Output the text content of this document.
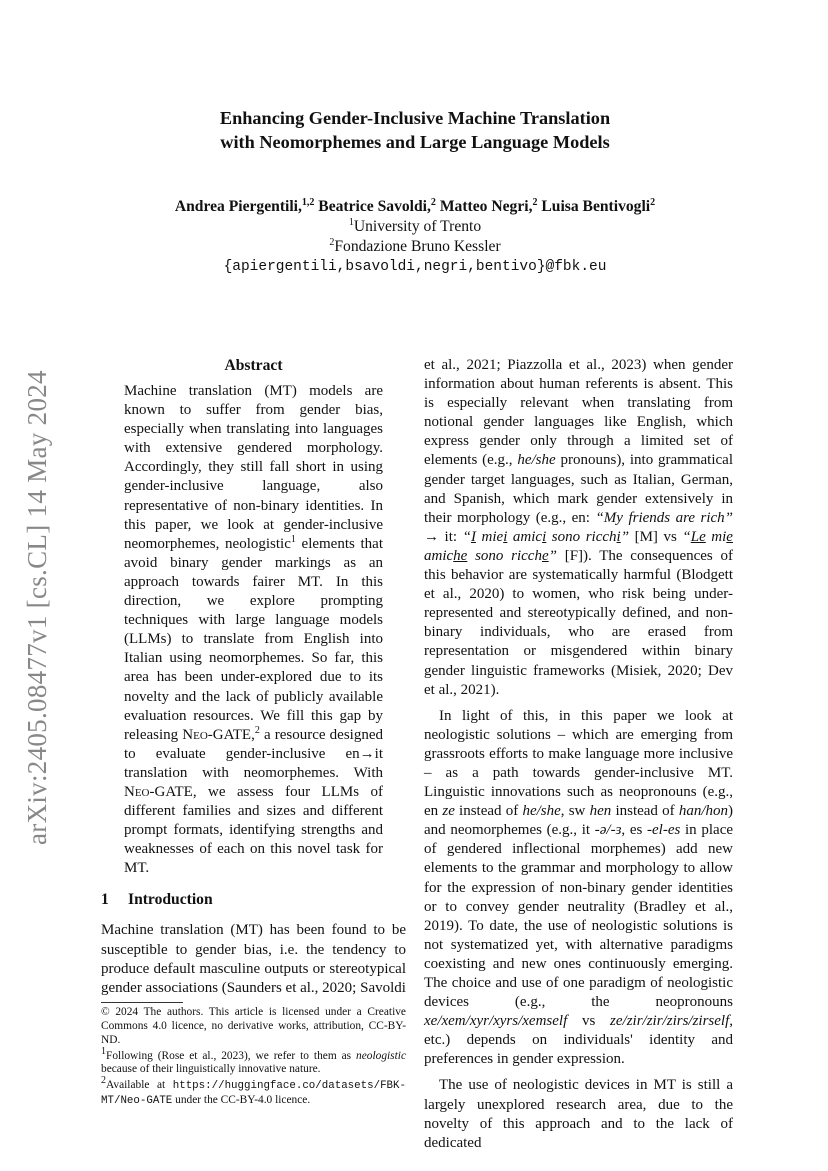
arXiv:2405.08477v1 [cs.CL] 14 May 2024
Enhancing Gender-Inclusive Machine Translation
with Neomorphemes and Large Language Models
Andrea Piergentili,$^{1,2}$ Beatrice Savoldi,$^2$ Matteo Negri,$^2$ Luisa Bentivogli$^2$
$^1$University of Trento
$^2$Fondazione Bruno Kessler
{apiergentili,bsavoldi,negri,bentivo}@fbk.eu
Abstract

Machine translation (MT) models are known to suffer from gender bias, especially when translating into languages with extensive gendered morphology. Accordingly, they still fall short in using gender-inclusive language, also representative of non-binary identities. In this paper, we look at gender-inclusive neomorphemes, neologistic$^1$ elements that avoid binary gender markings as an approach towards fairer MT. In this direction, we explore prompting techniques with large language models (LLMs) to translate from English into Italian using neomorphemes. So far, this area has been under-explored due to its novelty and the lack of publicly available evaluation resources. We fill this gap by releasing Neo-GATE,$^2$ a resource designed to evaluate gender-inclusive en→it translation with neomorphemes. With Neo-GATE, we assess four LLMs of different families and sizes and different prompt formats, identifying strengths and weaknesses of each on this novel task for MT.

1 Introduction

Machine translation (MT) has been found to be susceptible to gender bias, i.e. the tendency to produce default masculine outputs or stereotypical gender associations (Saunders et al., 2020; Savoldi

© 2024 The authors. This article is licensed under a Creative Commons 4.0 licence, no derivative works, attribution, CC-BY-ND.

$^1$Following (Rose et al., 2023), we refer to them as neologistic because of their linguistically innovative nature.

$^2$Available at https://huggingface.co/datasets/FBK-MT/Neo-GATE under the CC-BY-4.0 licence.

et al., 2021; Piazzolla et al., 2023) when gender information about human referents is absent. This is especially relevant when translating from notional gender languages like English, which express gender only through a limited set of elements (e.g., he/she pronouns), into grammatical gender target languages, such as Italian, German, and Spanish, which mark gender extensively in their morphology (e.g., en: “My friends are rich” → it: “I miei amici sono ricchi” [M] vs “Le mie amiche sono ricche” [F]). The consequences of this behavior are systematically harmful (Blodgett et al., 2020) to women, who risk being under-represented and stereotypically defined, and non-binary individuals, who are erased from representation or misgendered within binary gender linguistic frameworks (Misiek, 2020; Dev et al., 2021).

In light of this, in this paper we look at neologistic solutions – which are emerging from grassroots efforts to make language more inclusive – as a path towards gender-inclusive MT. Linguistic innovations such as neopronouns (e.g., en ze instead of he/she, sw hen instead of han/hon) and neomorphemes (e.g., it -ə/-ɜ, es -el-es in place of gendered inflectional morphemes) add new elements to the grammar and morphology to allow for the expression of non-binary gender identities or to convey gender neutrality (Bradley et al., 2019). To date, the use of neologistic solutions is not systematized yet, with alternative paradigms coexisting and new ones continuously emerging. The choice and use of one paradigm of neologistic devices (e.g., the neopronouns xe/xem/xyr/xyrs/xemself vs ze/zir/zir/zirs/zirself, etc.) depends on individuals' identity and preferences in gender expression.

The use of neologistic devices in MT is still a largely unexplored research area, due to the novelty of this approach and to the lack of dedicated
